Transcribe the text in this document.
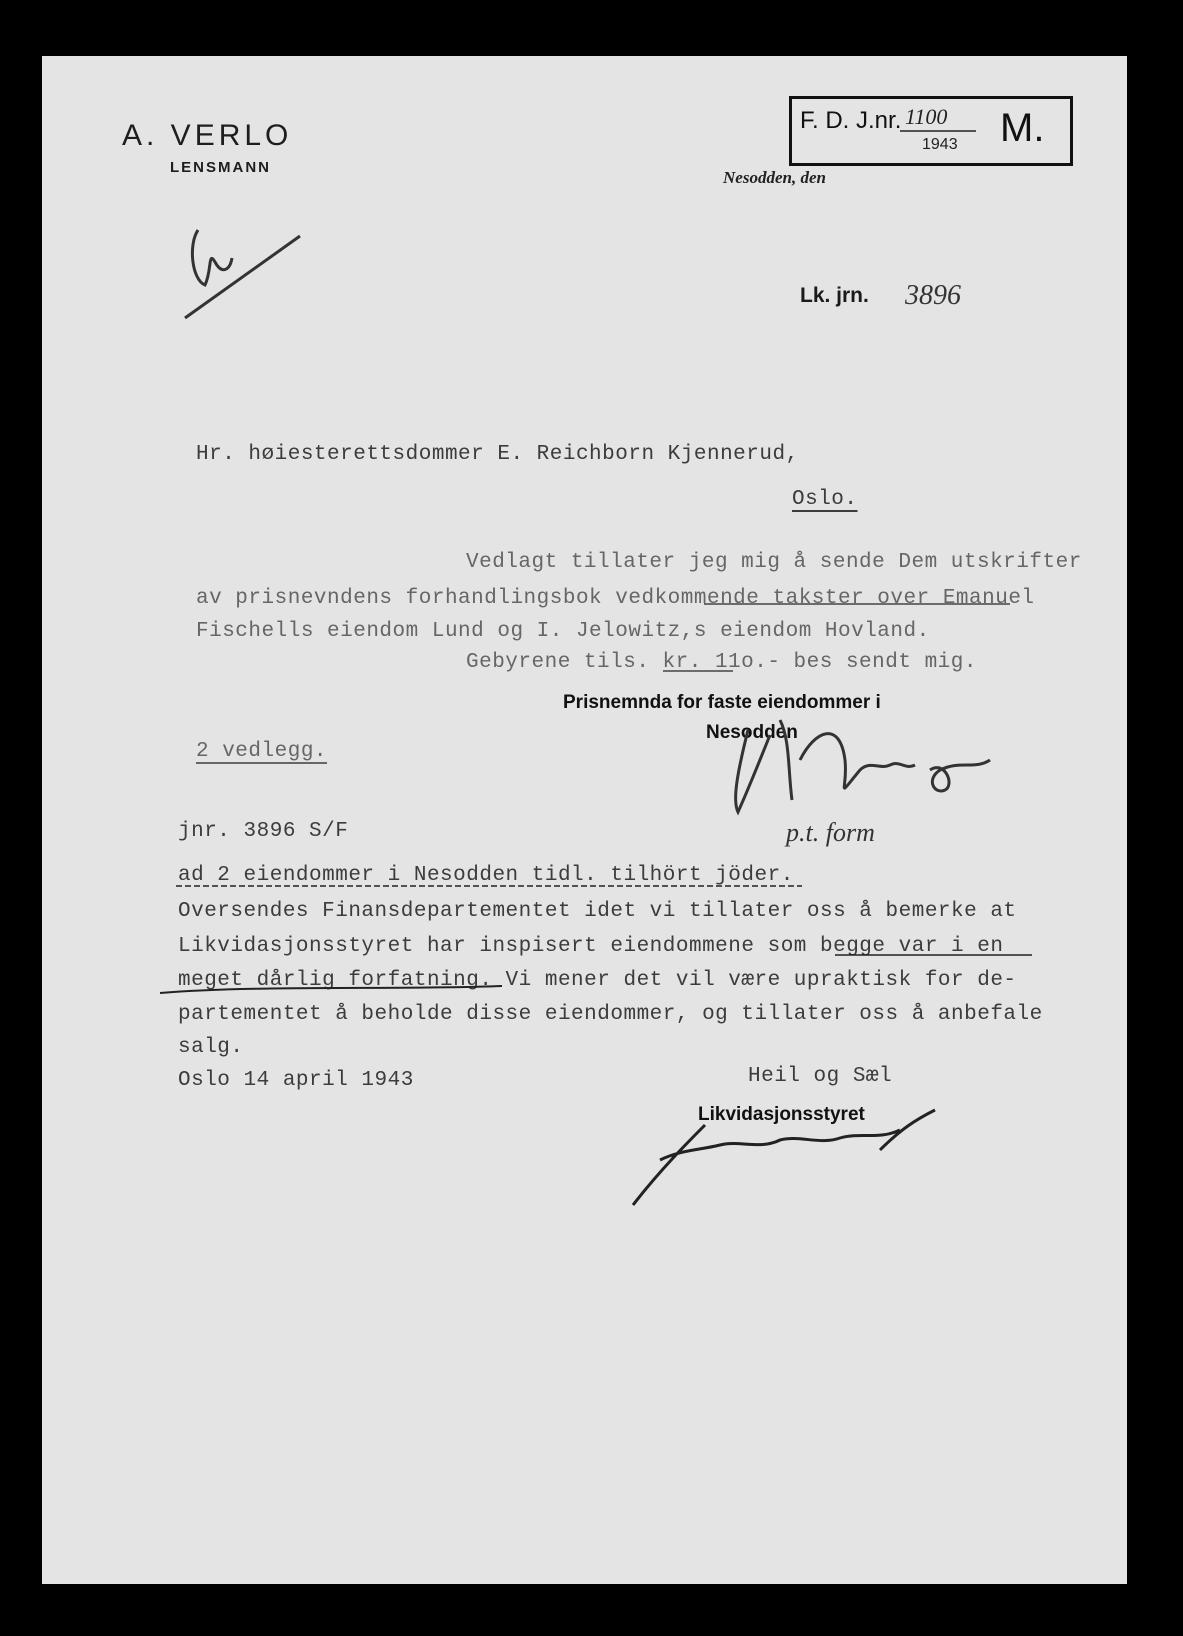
A. VERLO
LENSMANN
F. D. J.nr. 1100
1943 M.
Nesodden, den
Lk. jrn. 3896
Hr. høiesterettsdommer E. Reichborn Kjennerud,
Oslo.
Vedlagt tillater jeg mig å sende Dem utskrifter
av prisnevndens forhandlingsbok vedkommende takster over Emanuel
Fischells eiendom Lund og I. Jelowitz,s eiendom Hovland.
Gebyrene tils. kr. 11o.- bes sendt mig.
Prisnemnda for faste eiendommer i
Nesodden
2 vedlegg.
p.t. form
jnr. 3896 S/F
ad 2 eiendommer i Nesodden tidl. tilhört jöder.
Oversendes Finansdepartementet idet vi tillater oss å bemerke at
Likvidasjonsstyret har inspisert eiendommene som begge var i en
meget dårlig forfatning. Vi mener det vil være upraktisk for de-
partementet å beholde disse eiendommer, og tillater oss å anbefale
salg.
Oslo 14 april 1943	Heil og Sæl
Likvidasjonsstyret
